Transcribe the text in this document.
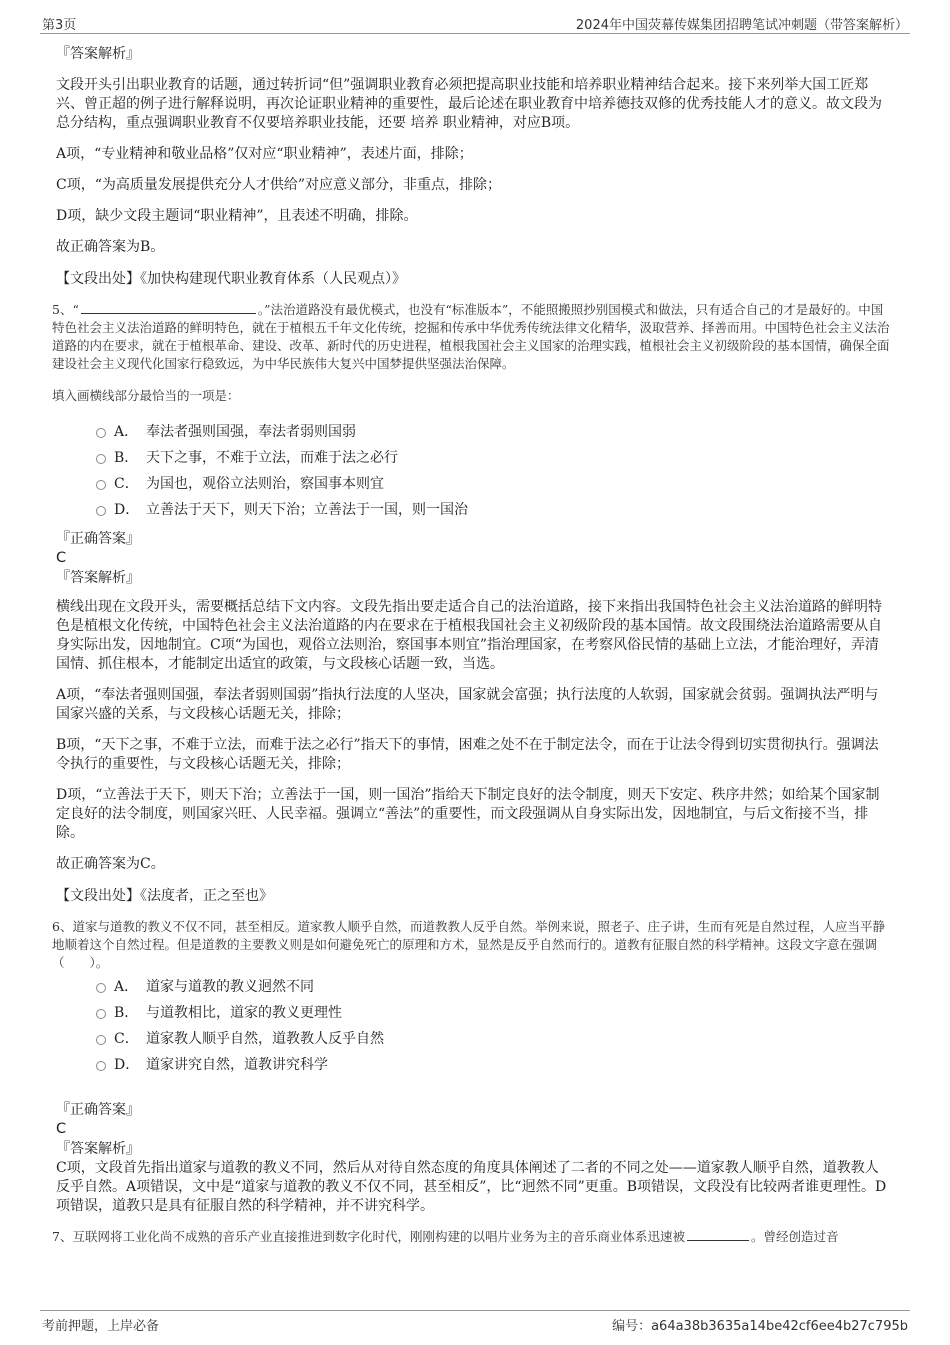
第3页	2024年中国荧幕传媒集团招聘笔试冲刺题（带答案解析）
『答案解析』

文段开头引出职业教育的话题，通过转折词“但”强调职业教育必须把提高职业技能和培养职业精神结合起来。接下来列举大国工匠郑兴、曾正超的例子进行解释说明，再次论证职业精神的重要性，最后论述在职业教育中培养德技双修的优秀技能人才的意义。故文段为总分结构，重点强调职业教育不仅要培养职业技能，还要 培养 职业精神，对应B项。

A项，“专业精神和敬业品格”仅对应“职业精神”，表述片面，排除；

C项，“为高质量发展提供充分人才供给”对应意义部分，非重点，排除；

D项，缺少文段主题词“职业精神”，且表述不明确，排除。

故正确答案为B。

【文段出处】《加快构建现代职业教育体系（人民观点）》

5、“	。”法治道路没有最优模式，也没有“标准版本”，不能照搬照抄别国模式和做法，只有适合自己的才是最好的。中国特色社会主义法治道路的鲜明特色，就在于植根五千年文化传统，挖掘和传承中华优秀传统法律文化精华，汲取营养、择善而用。中国特色社会主义法治道路的内在要求，就在于植根革命、建设、改革、新时代的历史进程，植根我国社会主义国家的治理实践，植根社会主义初级阶段的基本国情，确保全面建设社会主义现代化国家行稳致远，为中华民族伟大复兴中国梦提供坚强法治保障。

填入画横线部分最恰当的一项是：

A． 奉法者强则国强，奉法者弱则国弱
B． 天下之事，不难于立法，而难于法之必行
C． 为国也，观俗立法则治，察国事本则宜
D． 立善法于天下，则天下治；立善法于一国，则一国治
『正确答案』
C
『答案解析』

横线出现在文段开头，需要概括总结下文内容。文段先指出要走适合自己的法治道路，接下来指出我国特色社会主义法治道路的鲜明特色是植根文化传统，中国特色社会主义法治道路的内在要求在于植根我国社会主义初级阶段的基本国情。故文段围绕法治道路需要从自身实际出发，因地制宜。C项“为国也，观俗立法则治，察国事本则宜”指治理国家，在考察风俗民情的基础上立法，才能治理好，弄清国情、抓住根本，才能制定出适宜的政策，与文段核心话题一致，当选。

A项，“奉法者强则国强，奉法者弱则国弱”指执行法度的人坚决，国家就会富强；执行法度的人软弱，国家就会贫弱。强调执法严明与国家兴盛的关系，与文段核心话题无关，排除；

B项，“天下之事，不难于立法，而难于法之必行”指天下的事情，困难之处不在于制定法令，而在于让法令得到切实贯彻执行。强调法令执行的重要性，与文段核心话题无关，排除；

D项，“立善法于天下，则天下治；立善法于一国，则一国治”指给天下制定良好的法令制度，则天下安定、秩序井然；如给某个国家制定良好的法令制度，则国家兴旺、人民幸福。强调立“善法”的重要性，而文段强调从自身实际出发，因地制宜，与后文衔接不当，排除。

故正确答案为C。

【文段出处】《法度者，正之至也》

6、道家与道教的教义不仅不同，甚至相反。道家教人顺乎自然，而道教教人反乎自然。举例来说，照老子、庄子讲，生而有死是自然过程，人应当平静地顺着这个自然过程。但是道教的主要教义则是如何避免死亡的原理和方术，显然是反乎自然而行的。道教有征服自然的科学精神。这段文字意在强调（　　）。

A． 道家与道教的教义迥然不同
B． 与道教相比，道家的教义更理性
C． 道家教人顺乎自然，道教教人反乎自然
D． 道家讲究自然，道教讲究科学
『正确答案』
C
『答案解析』

C项，文段首先指出道家与道教的教义不同，然后从对待自然态度的角度具体阐述了二者的不同之处——道家教人顺乎自然，道教教人反乎自然。A项错误，文中是“道家与道教的教义不仅不同，甚至相反”，比“迥然不同”更重。B项错误，文段没有比较两者谁更理性。D项错误，道教只是具有征服自然的科学精神，并不讲究科学。

7、互联网将工业化尚不成熟的音乐产业直接推进到数字化时代，刚刚构建的以唱片业务为主的音乐商业体系迅速被	。曾经创造过音

考前押题，上岸必备	编号：a64a38b3635a14be42cf6ee4b27c795b
